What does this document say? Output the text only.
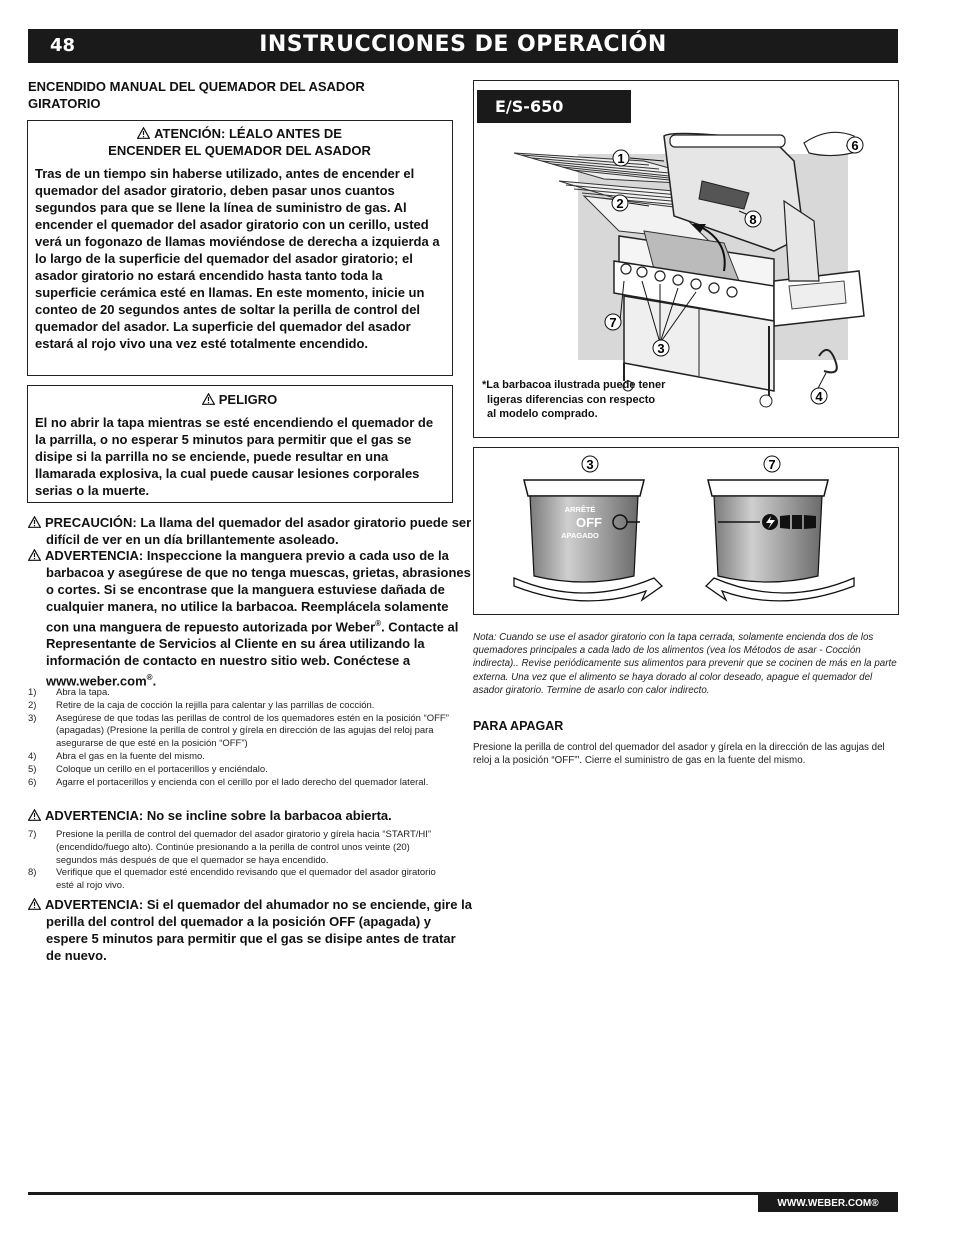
48	INSTRUCCIONES DE OPERACIÓN
ENCENDIDO MANUAL DEL QUEMADOR DEL ASADOR GIRATORIO
ATENCIÓN: LÉALO ANTES DE
ENCENDER EL QUEMADOR DEL ASADOR
Tras de un tiempo sin haberse utilizado, antes de encender el quemador del asador giratorio, deben pasar unos cuantos segundos para que se llene la línea de suministro de gas. Al encender el quemador del asador giratorio con un cerillo, usted verá un fogonazo de llamas moviéndose de derecha a izquierda a lo largo de la superficie del quemador del asador giratorio; el asador giratorio no estará encendido hasta tanto toda la superficie cerámica esté en llamas. En este momento, inicie un conteo de 20 segundos antes de soltar la perilla de control del quemador del asador. La superficie del quemador del asador estará al rojo vivo una vez esté totalmente encendido.
PELIGRO
El no abrir la tapa mientras se esté encendiendo el quemador de la parrilla, o no esperar 5 minutos para permitir que el gas se disipe si la parrilla no se enciende, puede resultar en una llamarada explosiva, la cual puede causar lesiones corporales serias o la muerte.
PRECAUCIÓN: La llama del quemador del asador giratorio puede ser difícil de ver en un día brillantemente asoleado.
ADVERTENCIA: Inspeccione la manguera previo a cada uso de la barbacoa y asegúrese de que no tenga muescas, grietas, abrasiones o cortes. Si se encontrase que la manguera estuviese dañada de cualquier manera, no utilice la barbacoa. Reemplácela solamente con una manguera de repuesto autorizada por Weber®. Contacte al Representante de Servicios al Cliente en su área utilizando la información de contacto en nuestro sitio web. Conéctese a www.weber.com®.
1)	Abra la tapa.
2)	Retire de la caja de cocción la rejilla para calentar y las parrillas de cocción.
3)	Asegúrese de que todas las perillas de control de los quemadores estén en la posición “OFF” (apagadas) (Presione la perilla de control y gírela en dirección de las agujas del reloj para asegurarse de que esté en la posición “OFF”)
4)	Abra el gas en la fuente del mismo.
5)	Coloque un cerillo en el portacerillos y enciéndalo.
6)	Agarre el portacerillos y encienda con el cerillo por el lado derecho del quemador lateral.
ADVERTENCIA: No se incline sobre la barbacoa abierta.
7)	Presione la perilla de control del quemador del asador giratorio y gírela hacia “START/HI” (encendido/fuego alto). Continúe presionando a la perilla de control unos veinte (20) segundos más después de que el quemador se haya encendido.
8)	Verifique que el quemador esté encendido revisando que el quemador del asador giratorio esté al rojo vivo.
ADVERTENCIA: Si el quemador del ahumador no se enciende, gire la perilla del control del quemador a la posición OFF (apagada) y espere 5 minutos para permitir que el gas se disipe antes de tratar de nuevo.
E/S-650
1
2
3
4
6
7
8
*La barbacoa ilustrada puede tener
ligeras diferencias con respecto
al modelo comprado.
ARRÊTÉ
OFF
APAGADO
3	7
Nota: Cuando se use el asador giratorio con la tapa cerrada, solamente encienda dos de los quemadores principales a cada lado de los alimentos (vea los Métodos de asar - Cocción indirecta).. Revise periódicamente sus alimentos para prevenir que se cocinen de más en la parte externa. Una vez que el alimento se haya dorado al color deseado, apague el quemador del asador giratorio. Termine de asarlo con calor indirecto.
PARA APAGAR
Presione la perilla de control del quemador del asador y gírela en la dirección de las agujas del reloj a la posición “OFF”'. Cierre el suministro de gas en la fuente del mismo.
WWW.WEBER.COM®
